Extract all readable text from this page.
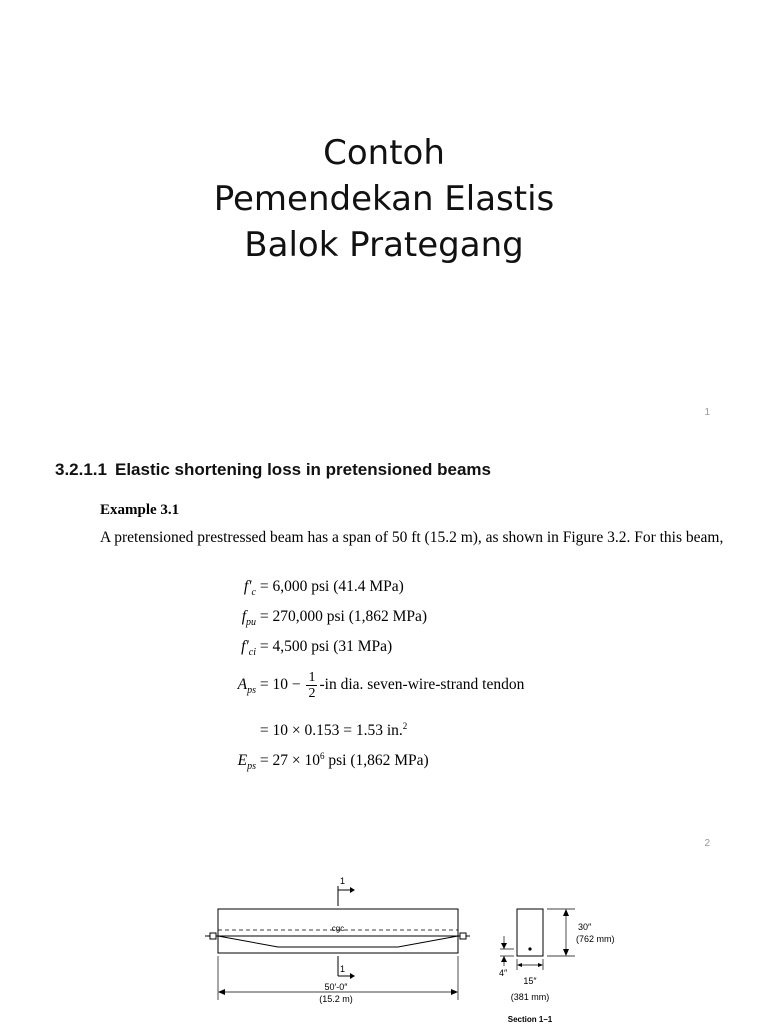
Contoh
Pemendekan Elastis
Balok Prategang
1
3.2.1.1 Elastic shortening loss in pretensioned beams
Example 3.1
A pretensioned prestressed beam has a span of 50 ft (15.2 m), as shown in Figure 3.2. For this beam,
$f'_c = 6,000$ psi (41.4 MPa)
$f_{pu} = 270,000$ psi (1,862 MPa)
$f'_{ci} = 4,500$ psi (31 MPa)
$A_{ps} = 10 - \frac{1}{2} -in$ dia. seven-wire-strand tendon
= 10 × 0.153 = 1.53 in.$^2$
$E_{ps} = 27 \times 10^6$ psi (1,862 MPa)
2
cgc
1
1
50′-0″
(15.2 m)
30″
(762 mm)
4″
15″
(381 mm)
Section 1–1
